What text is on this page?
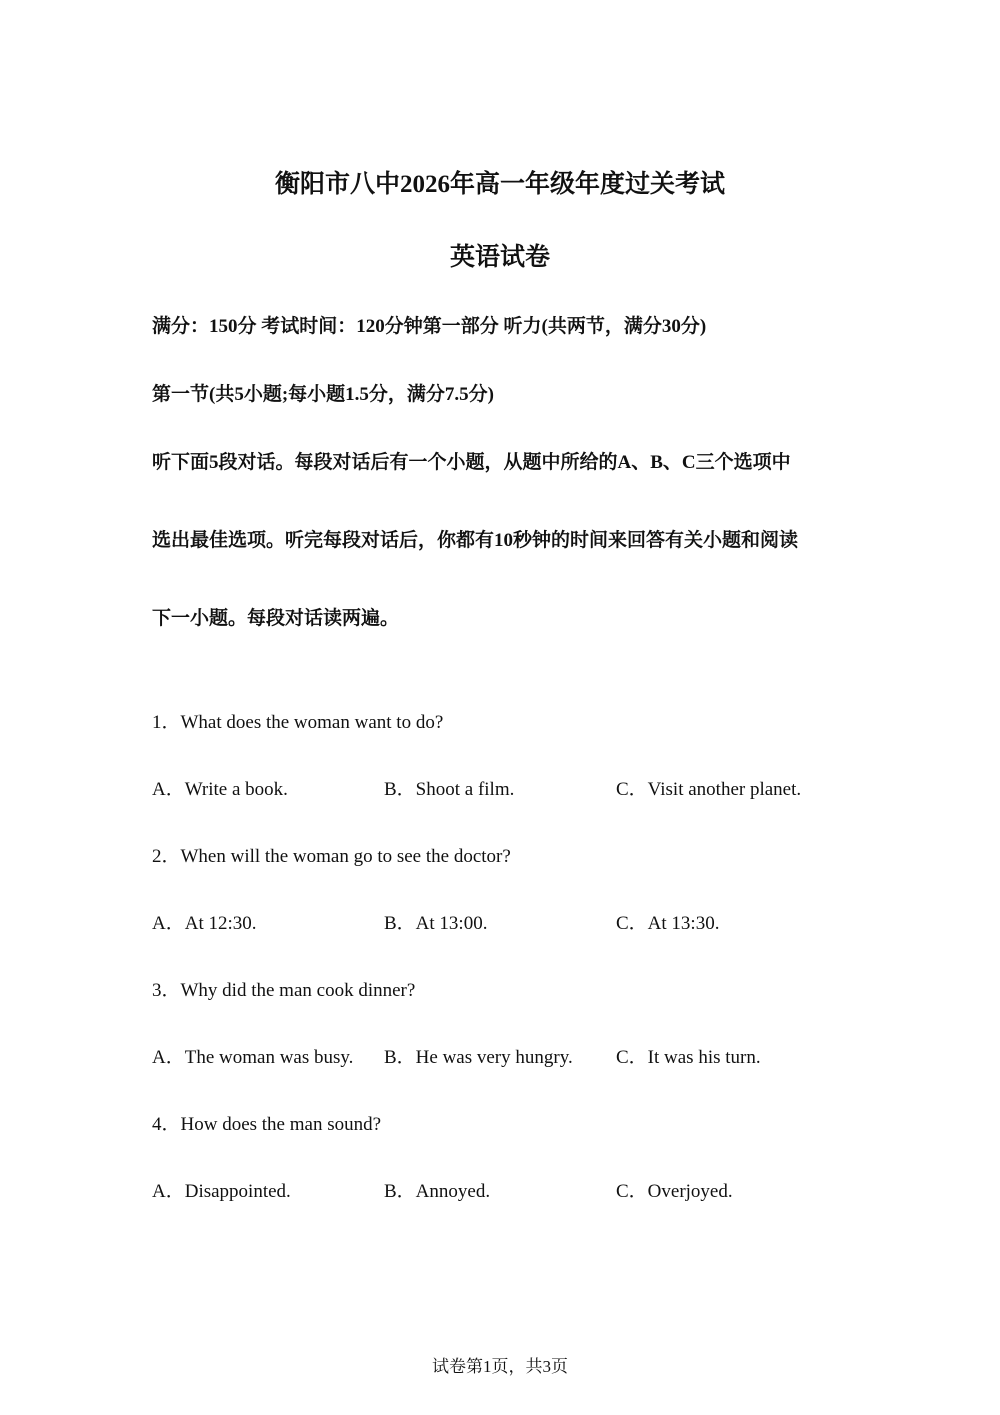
衡阳市八中2026年高一年级年度过关考试
英语试卷
满分：150分 考试时间：120分钟第一部分 听力(共两节，满分30分)
第一节(共5小题;每小题1.5分，满分7.5分)
听下面5段对话。每段对话后有一个小题，从题中所给的A、B、C三个选项中
选出最佳选项。听完每段对话后，你都有10秒钟的时间来回答有关小题和阅读
下一小题。每段对话读两遍。
1．What does the woman want to do?
A．Write a book.	B．Shoot a film.	C．Visit another planet.
2．When will the woman go to see the doctor?
A．At 12:30.	B．At 13:00.	C．At 13:30.
3．Why did the man cook dinner?
A．The woman was busy. B．He was very hungry. C．It was his turn.
4．How does the man sound?
A．Disappointed.	B．Annoyed.	C．Overjoyed.
试卷第1页，共3页
